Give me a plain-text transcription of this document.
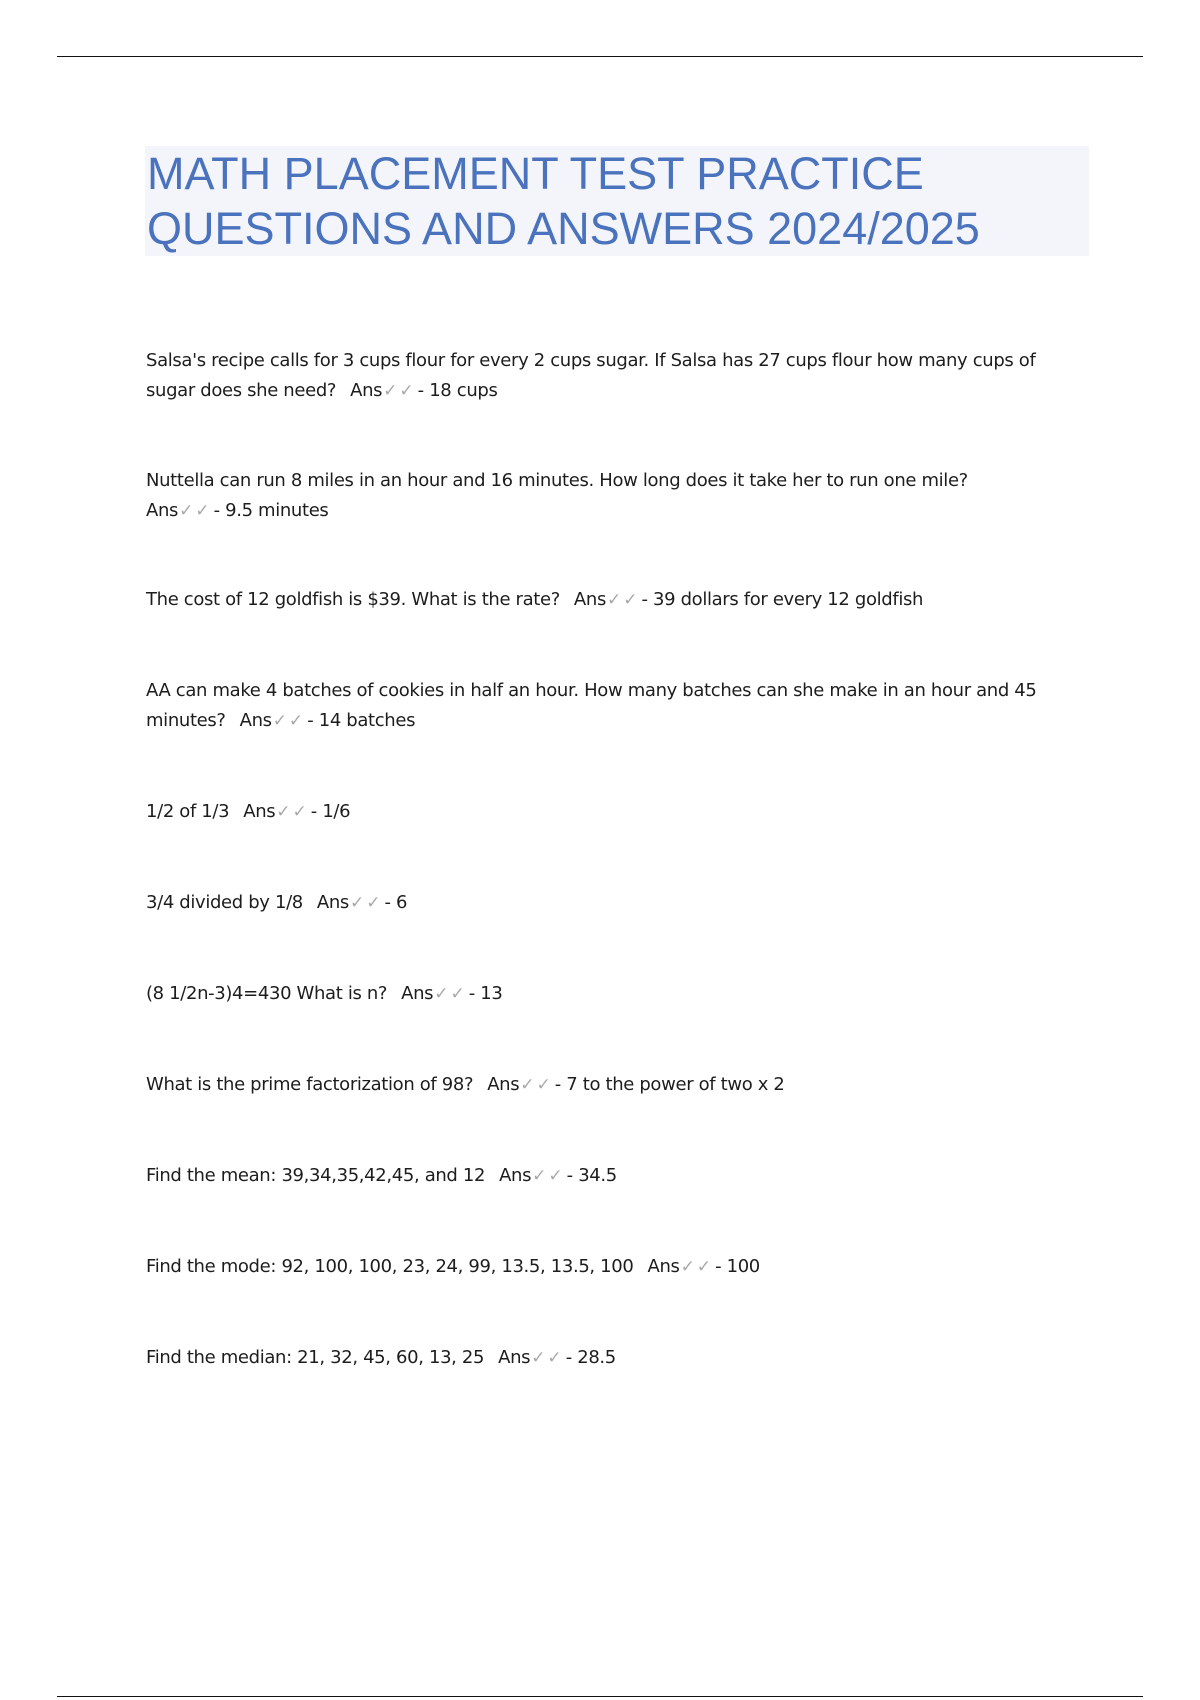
MATH PLACEMENT TEST PRACTICE
QUESTIONS AND ANSWERS 2024/2025

Salsa's recipe calls for 3 cups flour for every 2 cups sugar. If Salsa has 27 cups flour how many cups of sugar does she need? Ans✓✓ - 18 cups

Nuttella can run 8 miles in an hour and 16 minutes. How long does it take her to run one mile?
Ans✓✓ - 9.5 minutes

The cost of 12 goldfish is $39. What is the rate? Ans✓✓ - 39 dollars for every 12 goldfish

AA can make 4 batches of cookies in half an hour. How many batches can she make in an hour and 45 minutes? Ans✓✓ - 14 batches

1/2 of 1/3 Ans✓✓ - 1/6

3/4 divided by 1/8 Ans✓✓ - 6

(8 1/2n-3)4=430 What is n? Ans✓✓ - 13

What is the prime factorization of 98? Ans✓✓ - 7 to the power of two x 2

Find the mean: 39,34,35,42,45, and 12 Ans✓✓ - 34.5

Find the mode: 92, 100, 100, 23, 24, 99, 13.5, 13.5, 100 Ans✓✓ - 100

Find the median: 21, 32, 45, 60, 13, 25 Ans✓✓ - 28.5
